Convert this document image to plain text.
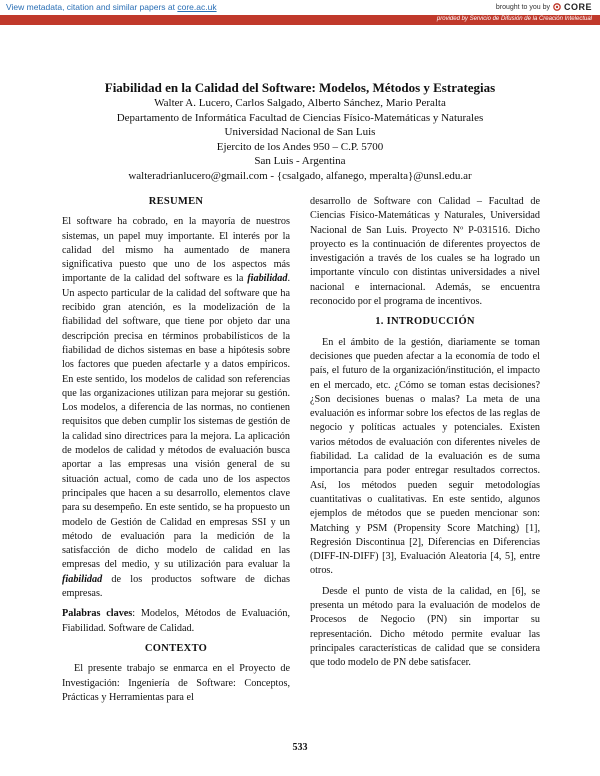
View metadata, citation and similar papers at core.ac.uk	brought to you by CORE
provided by Servicio de Difusión de la Creación Intelectual
Fiabilidad en la Calidad del Software: Modelos, Métodos y Estrategias
Walter A. Lucero, Carlos Salgado, Alberto Sánchez, Mario Peralta
Departamento de Informática Facultad de Ciencias Físico-Matemáticas y Naturales
Universidad Nacional de San Luis
Ejercito de los Andes 950 – C.P. 5700
San Luis - Argentina
walteradrianlucero@gmail.com - {csalgado, alfanego, mperalta}@unsl.edu.ar
RESUMEN

El software ha cobrado, en la mayoría de nuestros sistemas, un papel muy importante. El interés por la calidad del mismo ha aumentado de manera significativa puesto que uno de los aspectos más importante de la calidad del software es la fiabilidad. Un aspecto particular de la calidad del software que ha recibido gran atención, es la modelización de la fiabilidad del software, que tiene por objeto dar una descripción precisa en términos probabilísticos de la fiabilidad de dichos sistemas en base a hipótesis sobre los factores que pueden afectarle y a datos empíricos. En este sentido, los modelos de calidad son referencias que las organizaciones utilizan para mejorar su gestión. Los modelos, a diferencia de las normas, no contienen requisitos que deben cumplir los sistemas de gestión de la calidad sino directrices para la mejora. La aplicación de modelos de calidad y métodos de evaluación busca aportar a las empresas una visión general de su situación actual, como de cada uno de los aspectos principales que hacen a su desarrollo, elementos clave para su desempeño. En este sentido, se ha propuesto un modelo de Gestión de Calidad en empresas SSI y un método de evaluación para la medición de la satisfacción de dicho modelo de calidad en las empresas del medio, y su utilización para evaluar la fiabilidad de los productos software de dichas empresas.

Palabras claves: Modelos, Métodos de Evaluación, Fiabilidad. Software de Calidad.

CONTEXTO

El presente trabajo se enmarca en el Proyecto de Investigación: Ingeniería de Software: Conceptos, Prácticas y Herramientas para el

desarrollo de Software con Calidad – Facultad de Ciencias Físico-Matemáticas y Naturales, Universidad Nacional de San Luis. Proyecto Nº P-031516. Dicho proyecto es la continuación de diferentes proyectos de investigación a través de los cuales se ha logrado un importante vínculo con distintas universidades a nivel nacional e internacional. Además, se encuentra reconocido por el programa de incentivos.

1. INTRODUCCIÓN

En el ámbito de la gestión, diariamente se toman decisiones que pueden afectar a la economía de todo el país, el futuro de la organización/institución, el impacto en el mercado, etc. ¿Cómo se toman estas decisiones? ¿Son decisiones buenas o malas? La meta de una evaluación es informar sobre los efectos de las reglas de negocio y políticas actuales y potenciales. Existen varios métodos de evaluación con diferentes niveles de fiabilidad. La calidad de la evaluación es de suma importancia para poder entregar resultados correctos. Así, los métodos pueden seguir metodologías cuantitativas o cualitativas. En este sentido, algunos ejemplos de métodos que se pueden mencionar son: Matching y PSM (Propensity Score Matching) [1], Regresión Discontinua [2], Diferencias en Diferencias (DIFF-IN-DIFF) [3], Evaluación Aleatoria [4, 5], entre otros.

Desde el punto de vista de la calidad, en [6], se presenta un método para la evaluación de modelos de Procesos de Negocio (PN) sin importar su representación. Dicho método permite evaluar las principales características de calidad que se considera que todo modelo de PN debe satisfacer.

533
